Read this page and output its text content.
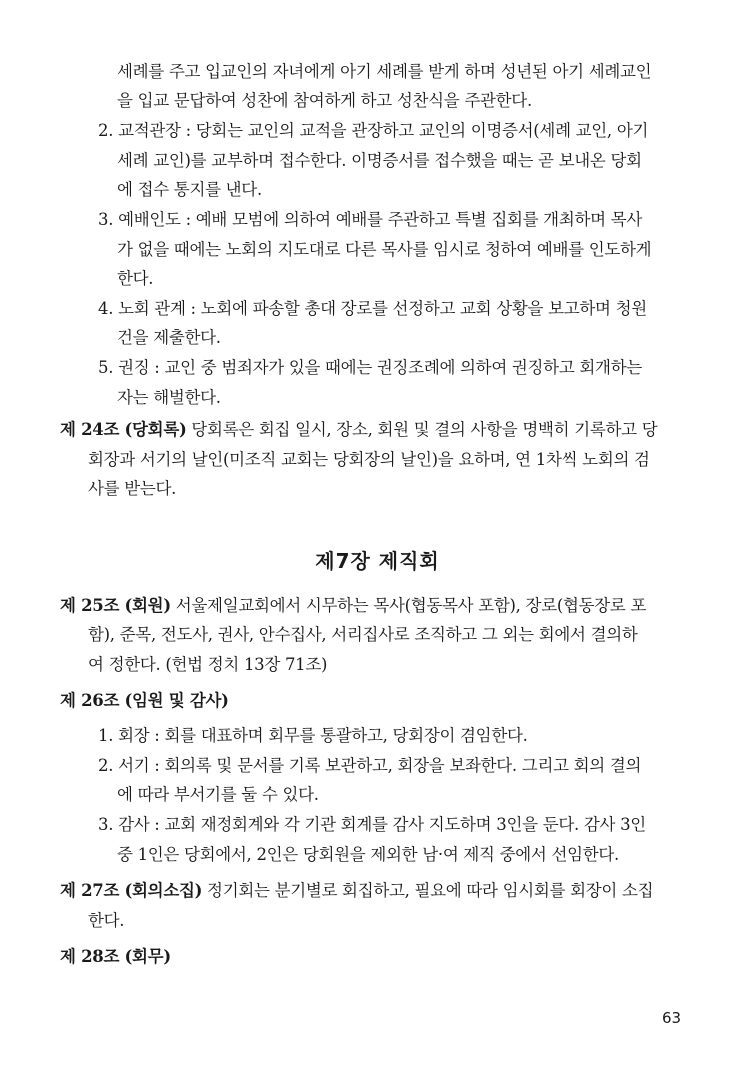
세례를 주고 입교인의 자녀에게 아기 세례를 받게 하며 성년된 아기 세례교인
을 입교 문답하여 성찬에 참여하게 하고 성찬식을 주관한다.
2. 교적관장 : 당회는 교인의 교적을 관장하고 교인의 이명증서(세례 교인, 아기
세례 교인)를 교부하며 접수한다. 이명증서를 접수했을 때는 곧 보내온 당회
에 접수 통지를 낸다.
3. 예배인도 : 예배 모범에 의하여 예배를 주관하고 특별 집회를 개최하며 목사
가 없을 때에는 노회의 지도대로 다른 목사를 임시로 청하여 예배를 인도하게
한다.
4. 노회 관계 : 노회에 파송할 총대 장로를 선정하고 교회 상황을 보고하며 청원
건을 제출한다.
5. 권징 : 교인 중 범죄자가 있을 때에는 권징조례에 의하여 권징하고 회개하는
자는 해벌한다.
제 24조 (당회록) 당회록은 회집 일시, 장소, 회원 및 결의 사항을 명백히 기록하고 당
회장과 서기의 날인(미조직 교회는 당회장의 날인)을 요하며, 연 1차씩 노회의 검
사를 받는다.
제7장 제직회
제 25조 (회원) 서울제일교회에서 시무하는 목사(협동목사 포함), 장로(협동장로 포
함), 준목, 전도사, 권사, 안수집사, 서리집사로 조직하고 그 외는 회에서 결의하
여 정한다. (헌법 정치 13장 71조)
제 26조 (임원 및 감사)
1. 회장 : 회를 대표하며 회무를 통괄하고, 당회장이 겸임한다.
2. 서기 : 회의록 및 문서를 기록 보관하고, 회장을 보좌한다. 그리고 회의 결의
에 따라 부서기를 둘 수 있다.
3. 감사 : 교회 재정회계와 각 기관 회계를 감사 지도하며 3인을 둔다. 감사 3인
중 1인은 당회에서, 2인은 당회원을 제외한 남·여 제직 중에서 선임한다.
제 27조 (회의소집) 정기회는 분기별로 회집하고, 필요에 따라 임시회를 회장이 소집
한다.
제 28조 (회무)
63
